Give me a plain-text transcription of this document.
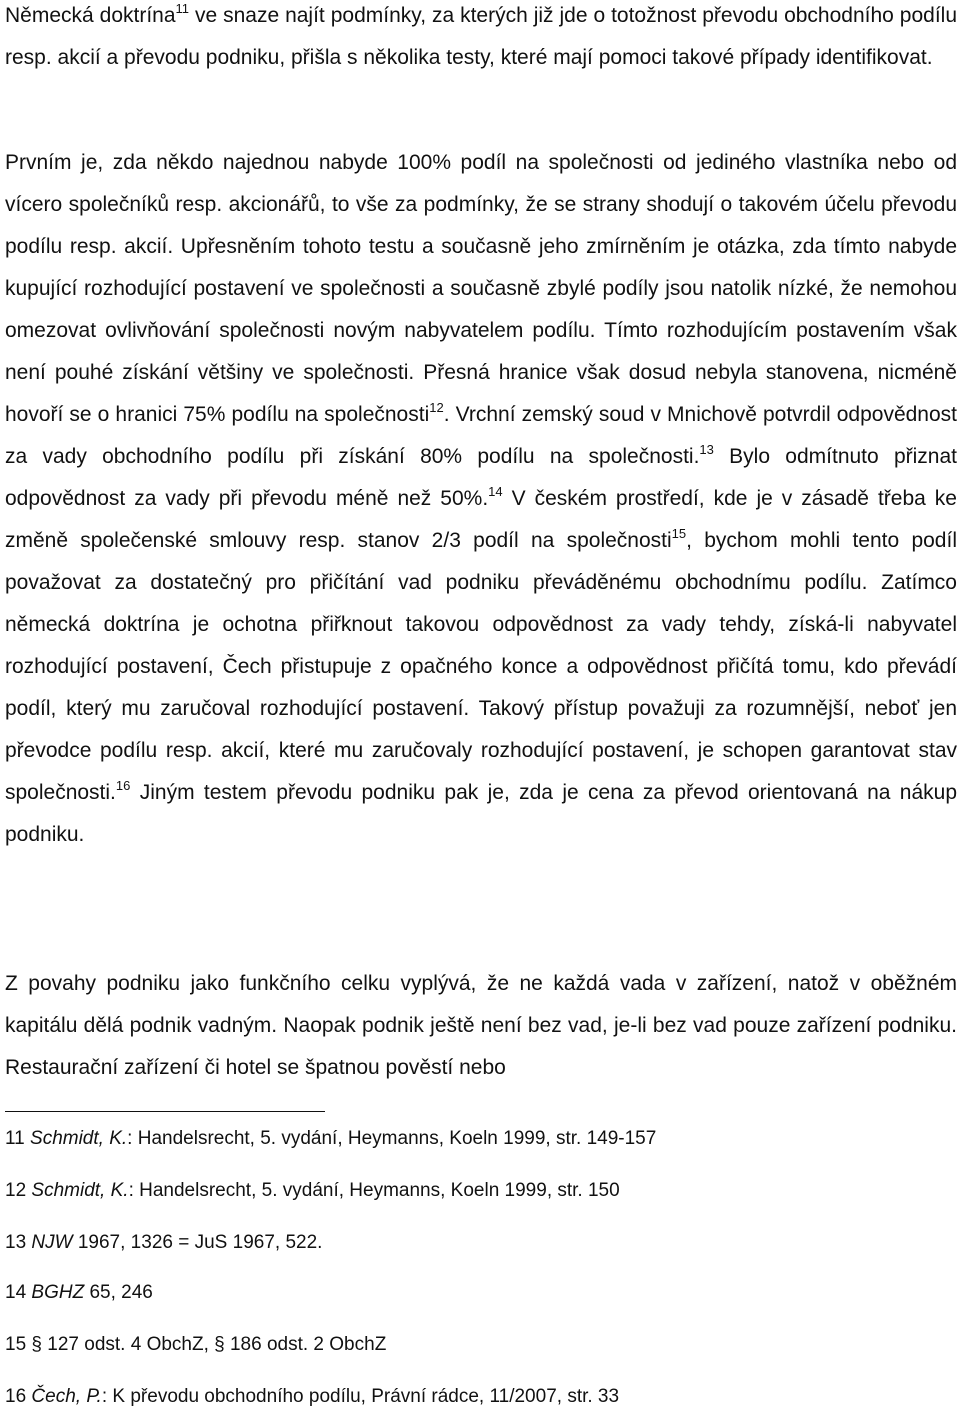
Německá doktrína$^{11}$ ve snaze najít podmínky, za kterých již jde o totožnost převodu obchodního podílu resp. akcií a převodu podniku, přišla s několika testy, které mají pomoci takové případy identifikovat.

Prvním je, zda někdo najednou nabyde 100% podíl na společnosti od jediného vlastníka nebo od vícero společníků resp. akcionářů, to vše za podmínky, že se strany shodují o takovém účelu převodu podílu resp. akcií. Upřesněním tohoto testu a současně jeho zmírněním je otázka, zda tímto nabyde kupující rozhodující postavení ve společnosti a současně zbylé podíly jsou natolik nízké, že nemohou omezovat ovlivňování společnosti novým nabyvatelem podílu. Tímto rozhodujícím postavením však není pouhé získání většiny ve společnosti. Přesná hranice však dosud nebyla stanovena, nicméně hovoří se o hranici 75% podílu na společnosti$^{12}$. Vrchní zemský soud v Mnichově potvrdil odpovědnost za vady obchodního podílu při získání 80% podílu na společnosti.$^{13}$ Bylo odmítnuto přiznat odpovědnost za vady při převodu méně než 50%.$^{14}$ V českém prostředí, kde je v zásadě třeba ke změně společenské smlouvy resp. stanov 2/3 podíl na společnosti$^{15}$, bychom mohli tento podíl považovat za dostatečný pro přičítání vad podniku převáděnému obchodnímu podílu. Zatímco německá doktrína je ochotna přiřknout takovou odpovědnost za vady tehdy, získá-li nabyvatel rozhodující postavení, Čech přistupuje z opačného konce a odpovědnost přičítá tomu, kdo převádí podíl, který mu zaručoval rozhodující postavení. Takový přístup považuji za rozumnější, neboť jen převodce podílu resp. akcií, které mu zaručovaly rozhodující postavení, je schopen garantovat stav společnosti.$^{16}$ Jiným testem převodu podniku pak je, zda je cena za převod orientovaná na nákup podniku.

Z povahy podniku jako funkčního celku vyplývá, že ne každá vada v zařízení, natož v oběžném kapitálu dělá podnik vadným. Naopak podnik ještě není bez vad, je-li bez vad pouze zařízení podniku. Restaurační zařízení či hotel se špatnou pověstí nebo

11 Schmidt, K.: Handelsrecht, 5. vydání, Heymanns, Koeln 1999, str. 149-157
12 Schmidt, K.: Handelsrecht, 5. vydání, Heymanns, Koeln 1999, str. 150
13 NJW 1967, 1326 = JuS 1967, 522.
14 BGHZ 65, 246
15 § 127 odst. 4 ObchZ, § 186 odst. 2 ObchZ
16 Čech, P.: K převodu obchodního podílu, Právní rádce, 11/2007, str. 33
